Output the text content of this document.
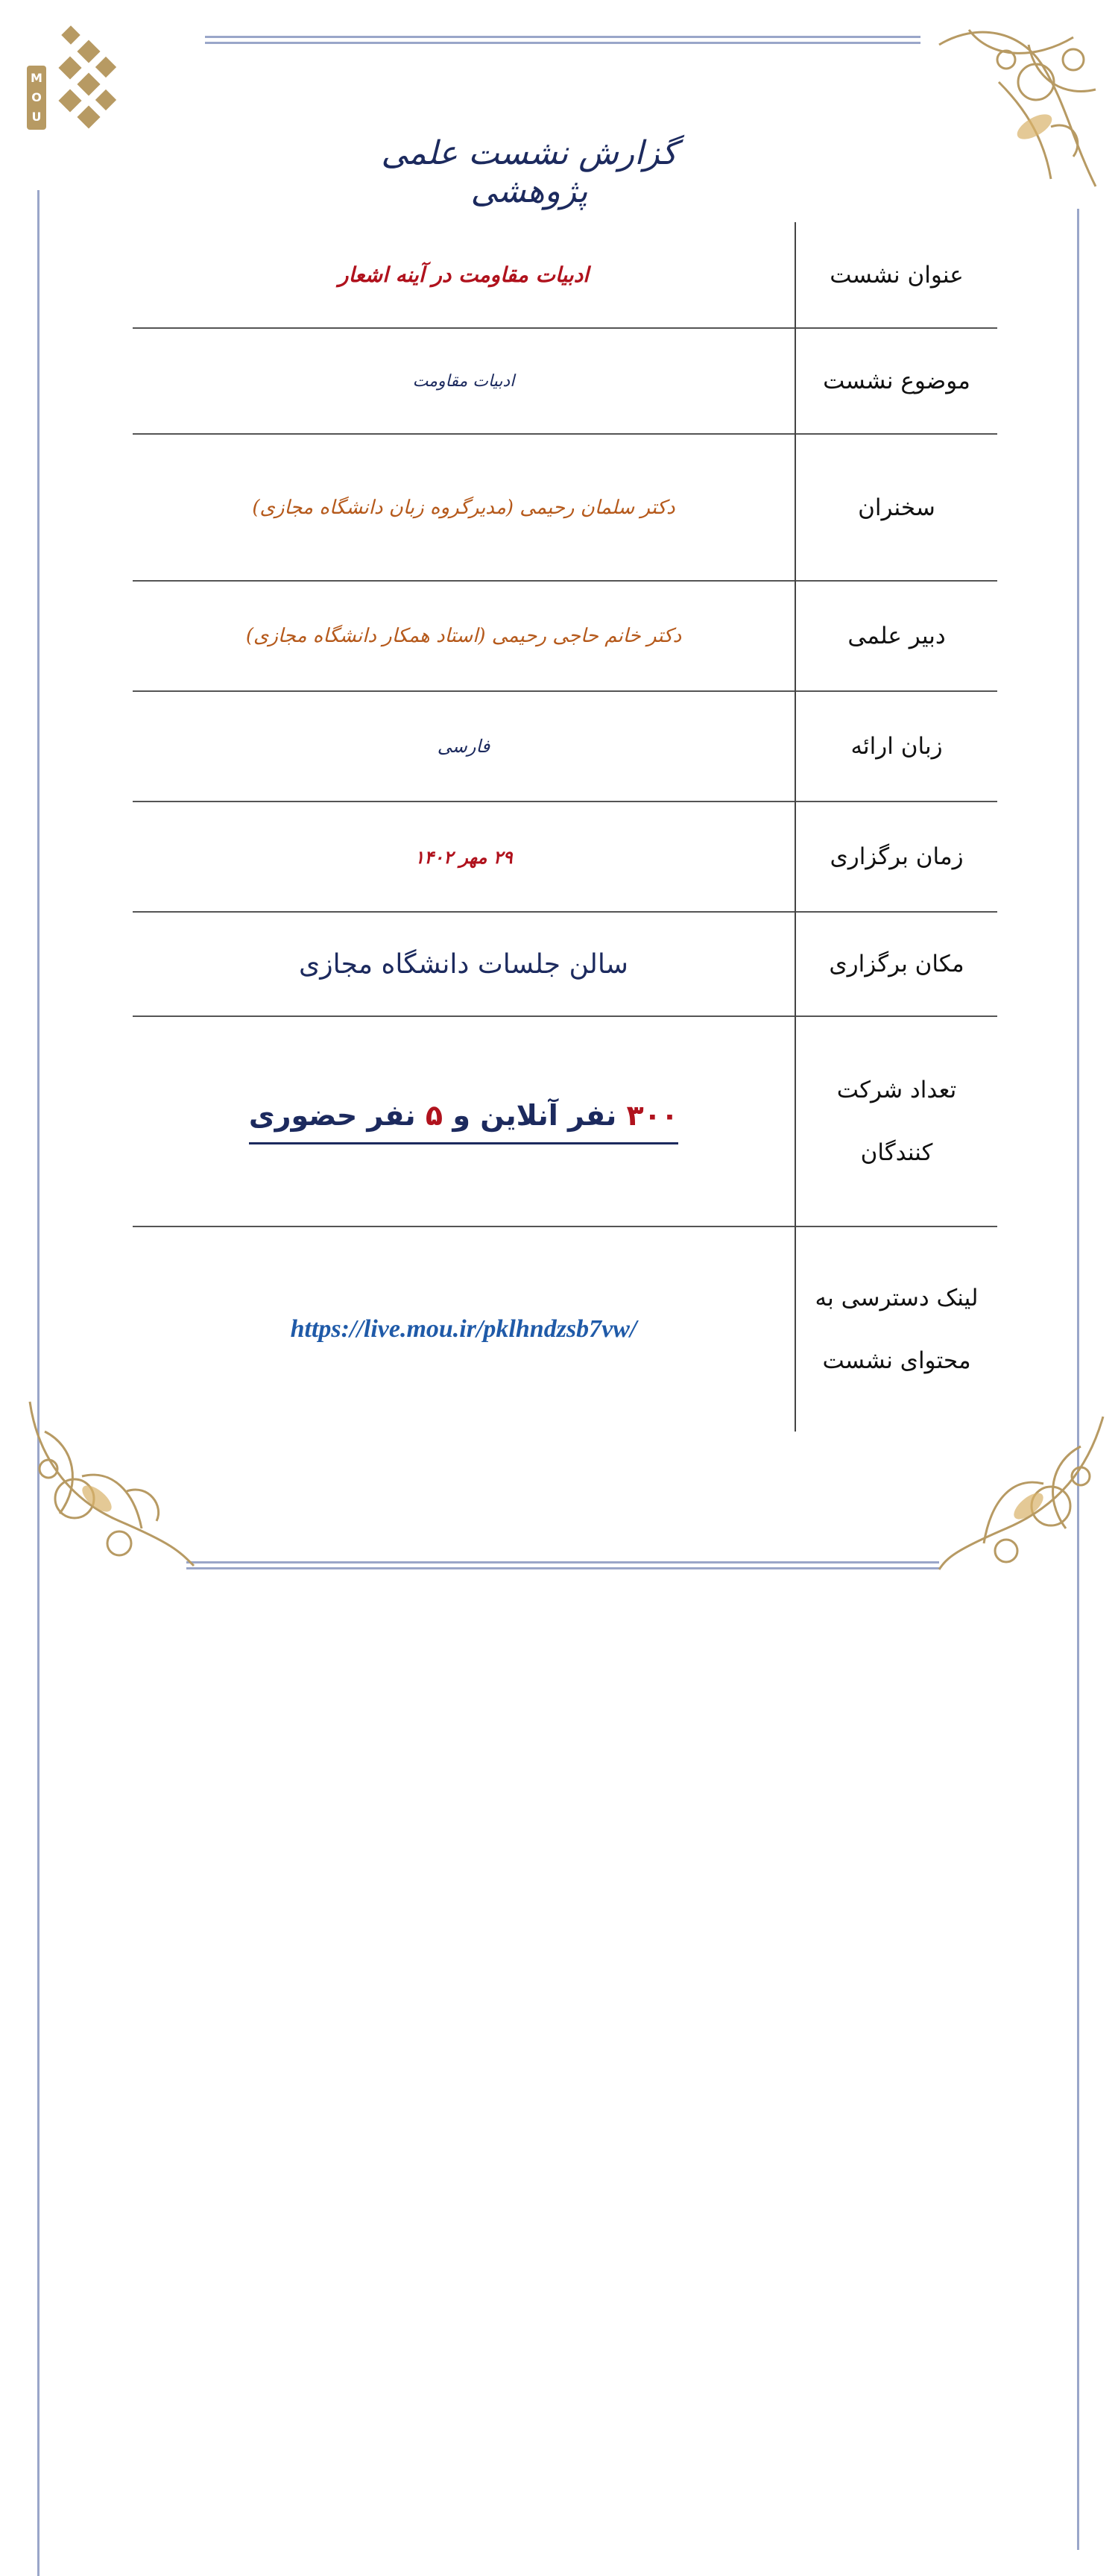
M
O
U
گزارش نشست علمی پژوهشی
عنوان نشست	ادبیات مقاومت در آینه اشعار
موضوع نشست	ادبیات مقاومت
سخنران	دکتر سلمان رحیمی (مدیرگروه زبان دانشگاه مجازی)
دبیر علمی	دکتر خانم حاجی رحیمی (استاد همکار دانشگاه مجازی)
زبان ارائه	فارسی
زمان برگزاری	۲۹ مهر ۱۴۰۲
مکان برگزاری	سالن جلسات دانشگاه مجازی

تعداد شرکت
کنندگان	۳۰۰ نفر آنلاین و ۵ نفر حضوری

لینک دسترسی به
محتوای نشست	https://live.mou.ir/pklhndzsb7vw/
